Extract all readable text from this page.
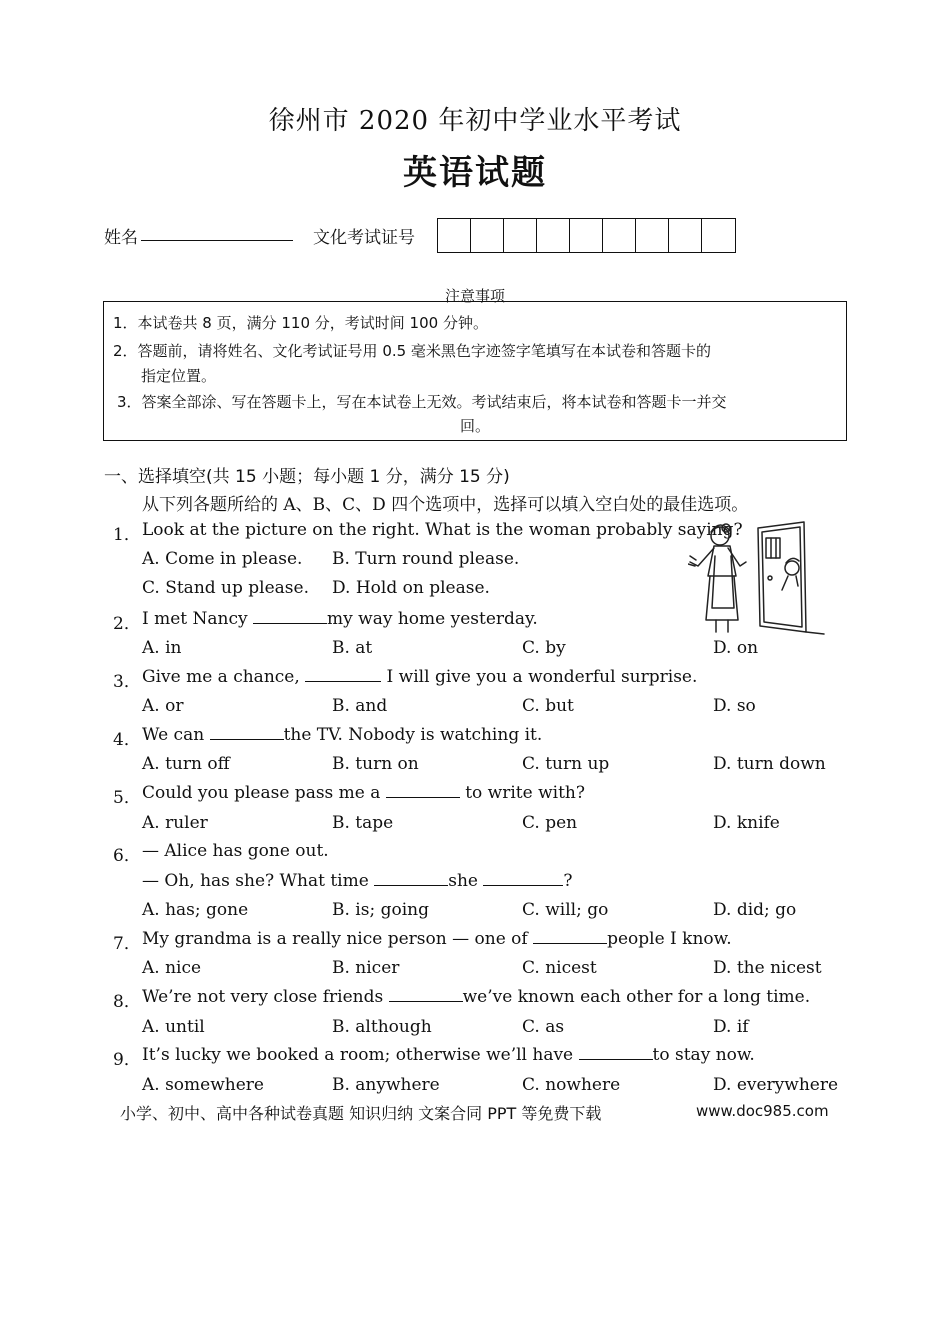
徐州市 2020 年初中学业水平考试
英语试题
姓名	文化考试证号
注意事项
1．本试卷共 8 页，满分 110 分，考试时间 100 分钟。
2．答题前，请将姓名、文化考试证号用 0.5 毫米黑色字迹签字笔填写在本试卷和答题卡的
指定位置。
3．答案全部涂、写在答题卡上，写在本试卷上无效。考试结束后，将本试卷和答题卡一并交
回。
一、选择填空(共 15 小题；每小题 1 分，满分 15 分)
从下列各题所给的 A、B、C、D 四个选项中，选择可以填入空白处的最佳选项。
1． Look at the picture on the right. What is the woman probably saying?
A. Come in please. B. Turn round please.
C. Stand up please. D. Hold on please.
2． I met Nancy	my way home yesterday.
A. in	B. at	C. by	D. on
3． Give me a chance,	I will give you a wonderful surprise.
A. or	B. and	C. but	D. so
4． We can	the TV. Nobody is watching it.
A. turn off	B. turn on	C. turn up	D. turn down
5． Could you please pass me a	to write with?
A. ruler	B. tape	C. pen	D. knife
6． — Alice has gone out.
— Oh, has she? What time	she	?
A. has; gone	B. is; going	C. will; go	D. did; go
7． My grandma is a really nice person — one of	people I know.
A. nice	B. nicer	C. nicest	D. the nicest
8． We’re not very close friends	we’ve known each other for a long time.
A. until	B. although	C. as	D. if
9． It’s lucky we booked a room; otherwise we’ll have	to stay now.
A. somewhere	B. anywhere	C. nowhere	D. everywhere
小学、初中、高中各种试卷真题 知识归纳 文案合同 PPT 等免费下载	www.doc985.com
